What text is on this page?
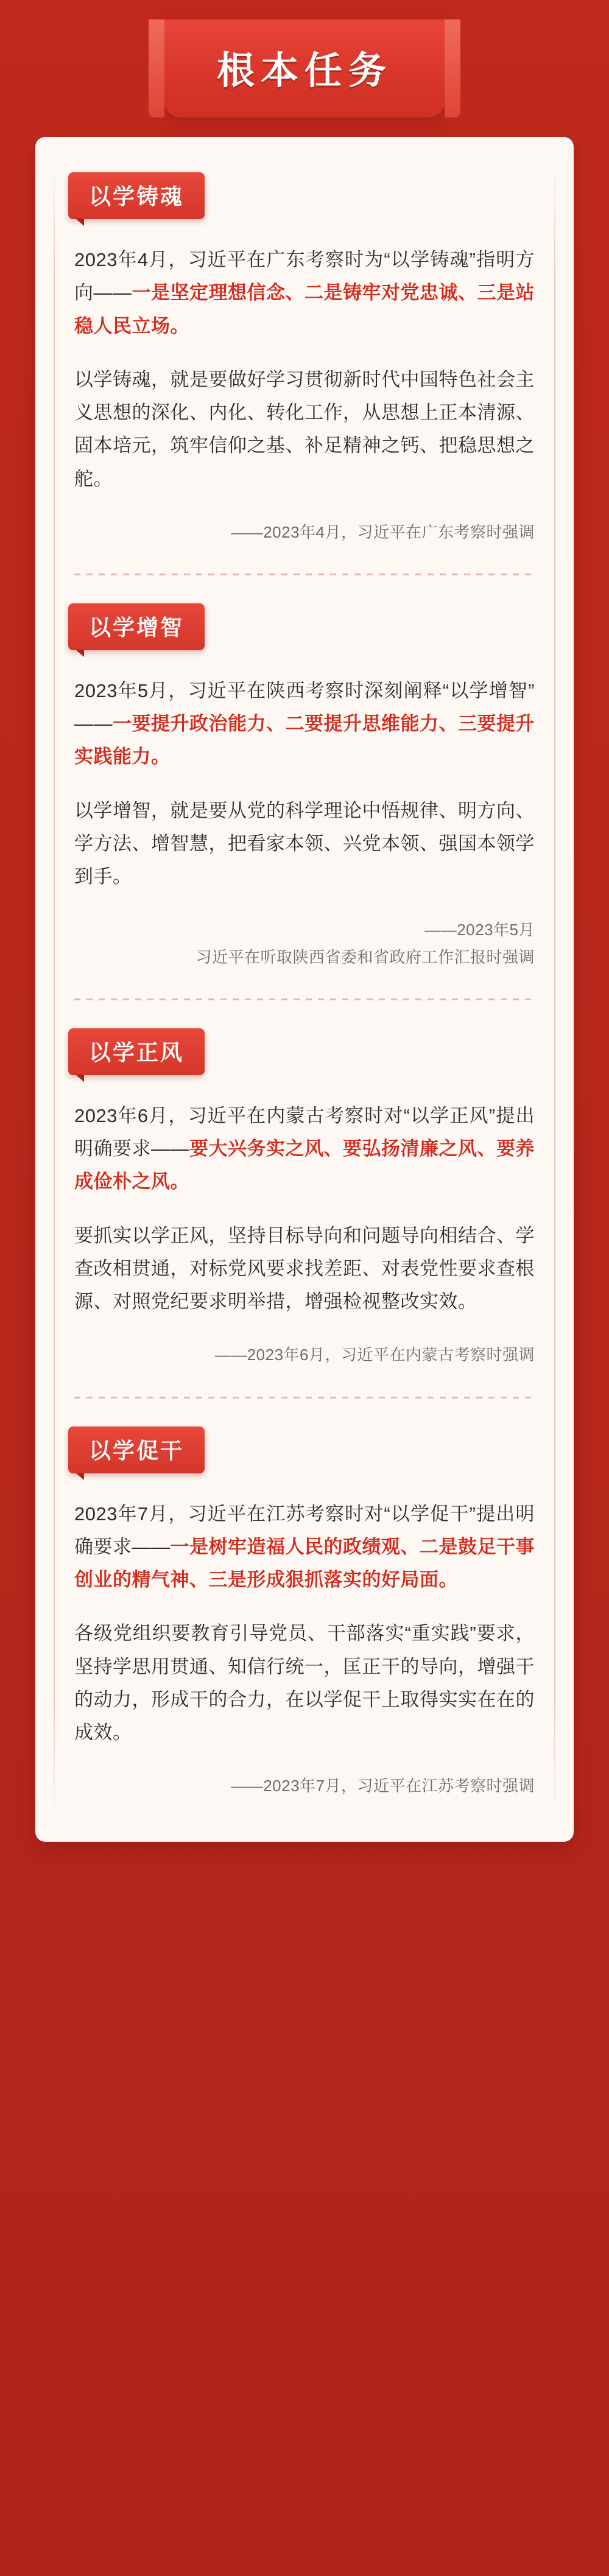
根本任务
以学铸魂

2023年4月，习近平在广东考察时为“以学铸魂”指明方向——一是坚定理想信念、二是铸牢对党忠诚、三是站稳人民立场。

以学铸魂，就是要做好学习贯彻新时代中国特色社会主义思想的深化、内化、转化工作，从思想上正本清源、固本培元，筑牢信仰之基、补足精神之钙、把稳思想之舵。

——2023年4月，习近平在广东考察时强调
以学增智

2023年5月，习近平在陕西考察时深刻阐释“以学增智”——一要提升政治能力、二要提升思维能力、三要提升实践能力。

以学增智，就是要从党的科学理论中悟规律、明方向、学方法、增智慧，把看家本领、兴党本领、强国本领学到手。

——2023年5月
习近平在听取陕西省委和省政府工作汇报时强调
以学正风

2023年6月，习近平在内蒙古考察时对“以学正风”提出明确要求——要大兴务实之风、要弘扬清廉之风、要养成俭朴之风。

要抓实以学正风，坚持目标导向和问题导向相结合、学查改相贯通，对标党风要求找差距、对表党性要求查根源、对照党纪要求明举措，增强检视整改实效。

——2023年6月，习近平在内蒙古考察时强调
以学促干

2023年7月，习近平在江苏考察时对“以学促干”提出明确要求——一是树牢造福人民的政绩观、二是鼓足干事创业的精气神、三是形成狠抓落实的好局面。

各级党组织要教育引导党员、干部落实“重实践”要求，坚持学思用贯通、知信行统一，匡正干的导向，增强干的动力，形成干的合力，在以学促干上取得实实在在的成效。

——2023年7月，习近平在江苏考察时强调
